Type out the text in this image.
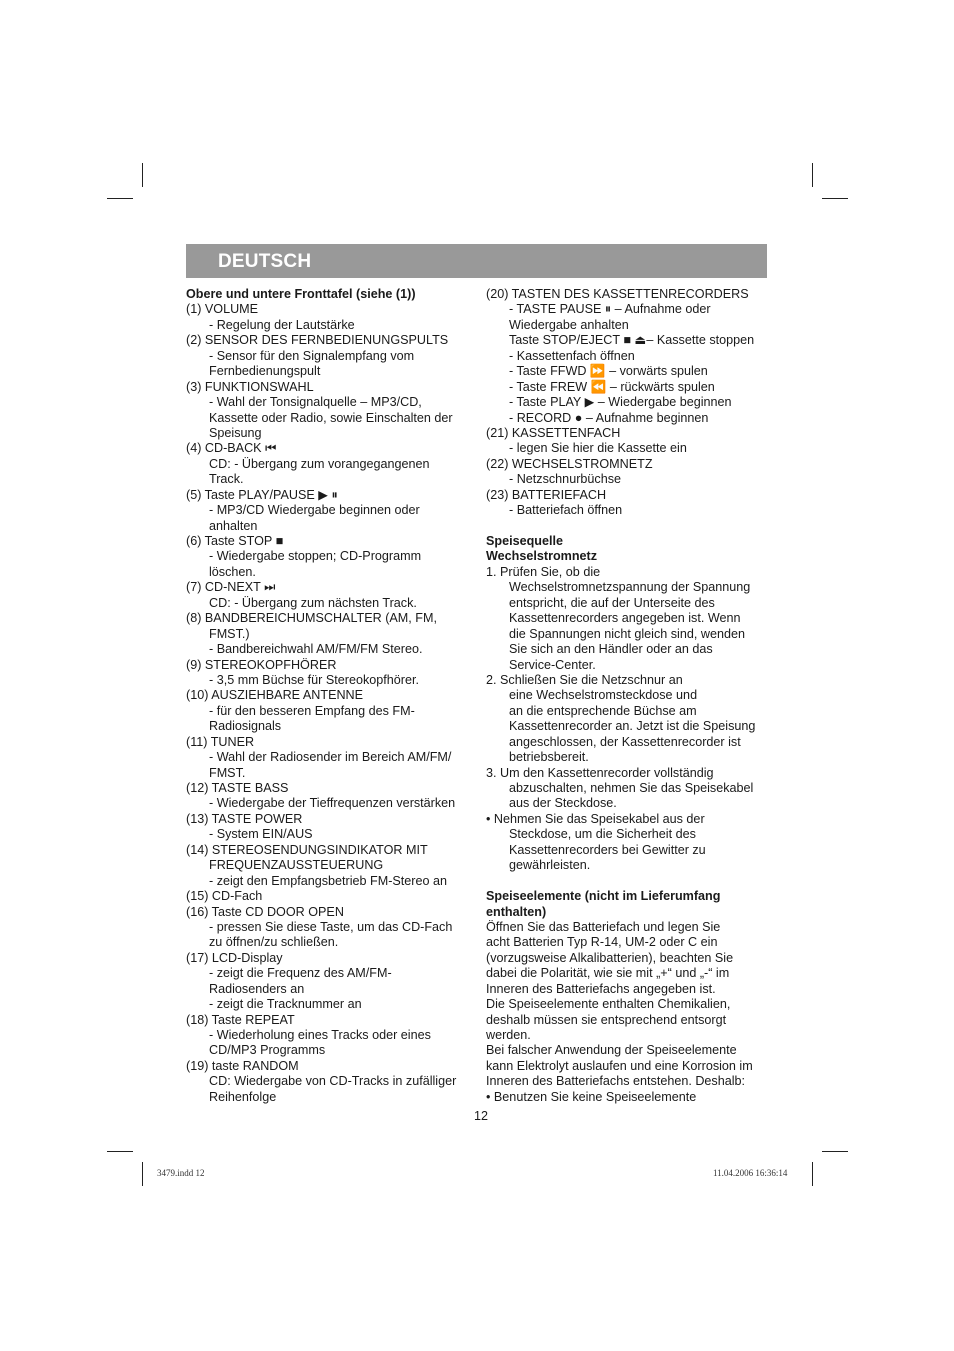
DEUTSCH
Obere und untere Fronttafel (siehe (1))
(1) VOLUME
- Regelung der Lautstärke
(2) SENSOR DES FERNBEDIENUNGSPULTS
- Sensor für den Signalempfang vom
Fernbedienungspult
(3) FUNKTIONSWAHL
- Wahl der Tonsignalquelle – MP3/CD,
Kassette oder Radio, sowie Einschalten der
Speisung
(4) CD-BACK ⏮
CD: - Übergang zum vorangegangenen
Track.
(5) Taste PLAY/PAUSE ▶ ⏸
- MP3/CD Wiedergabe beginnen oder
anhalten
(6) Taste STOP ■
- Wiedergabe stoppen; CD-Programm
löschen.
(7) CD-NEXT ⏭
CD: - Übergang zum nächsten Track.
(8) BANDBEREICHUMSCHALTER (AM, FM,
FMST.)
- Bandbereichwahl AM/FM/FM Stereo.
(9) STEREOKOPFHÖRER
- 3,5 mm Büchse für Stereokopfhörer.
(10) AUSZIEHBARE ANTENNE
- für den besseren Empfang des FM-
Radiosignals
(11) TUNER
- Wahl der Radiosender im Bereich AM/FM/
FMST.
(12) TASTE BASS
- Wiedergabe der Tieffrequenzen verstärken
(13) TASTE POWER
- System EIN/AUS
(14) STEREOSENDUNGSINDIKATOR MIT
FREQUENZAUSSTEUERUNG
- zeigt den Empfangsbetrieb FM-Stereo an
(15) CD-Fach
(16) Taste CD DOOR OPEN
- pressen Sie diese Taste, um das CD-Fach
zu öffnen/zu schließen.
(17) LCD-Display
- zeigt die Frequenz des AM/FM-
Radiosenders an
- zeigt die Tracknummer an
(18) Taste REPEAT
- Wiederholung eines Tracks oder eines
CD/MP3 Programms
(19) taste RANDOM
CD: Wiedergabe von CD-Tracks in zufälliger
Reihenfolge
(20) TASTEN DES KASSETTENRECORDERS
- TASTE PAUSE ⏸ – Aufnahme oder
Wiedergabe anhalten
Taste STOP/EJECT ■ ⏏– Kassette stoppen
- Kassettenfach öffnen
- Taste FFWD ⏩ – vorwärts spulen
- Taste FREW ⏪ – rückwärts spulen
- Taste PLAY ▶ – Wiedergabe beginnen
- RECORD ● – Aufnahme beginnen
(21) KASSETTENFACH
- legen Sie hier die Kassette ein
(22) WECHSELSTROMNETZ
- Netzschnurbüchse
(23) BATTERIEFACH
- Batteriefach öffnen
Speisequelle
Wechselstromnetz
1. Prüfen Sie, ob die
Wechselstromnetzspannung der Spannung
entspricht, die auf der Unterseite des
Kassettenrecorders angegeben ist. Wenn
die Spannungen nicht gleich sind, wenden
Sie sich an den Händler oder an das
Service-Center.
2. Schließen Sie die Netzschnur an
eine Wechselstromsteckdose und
an die entsprechende Büchse am
Kassettenrecorder an. Jetzt ist die Speisung
angeschlossen, der Kassettenrecorder ist
betriebsbereit.
3. Um den Kassettenrecorder vollständig
abzuschalten, nehmen Sie das Speisekabel
aus der Steckdose.
• Nehmen Sie das Speisekabel aus der
Steckdose, um die Sicherheit des
Kassettenrecorders bei Gewitter zu
gewährleisten.
Speiseelemente (nicht im Lieferumfang
enthalten)
Öffnen Sie das Batteriefach und legen Sie
acht Batterien Typ R-14, UM-2 oder C ein
(vorzugsweise Alkalibatterien), beachten Sie
dabei die Polarität, wie sie mit „+“ und „-“ im
Inneren des Batteriefachs angegeben ist.
Die Speiseelemente enthalten Chemikalien,
deshalb müssen sie entsprechend entsorgt
werden.
Bei falscher Anwendung der Speiseelemente
kann Elektrolyt auslaufen und eine Korrosion im
Inneren des Batteriefachs entstehen. Deshalb:
• Benutzen Sie keine Speiseelemente
12
3479.indd 12	11.04.2006 16:36:14
